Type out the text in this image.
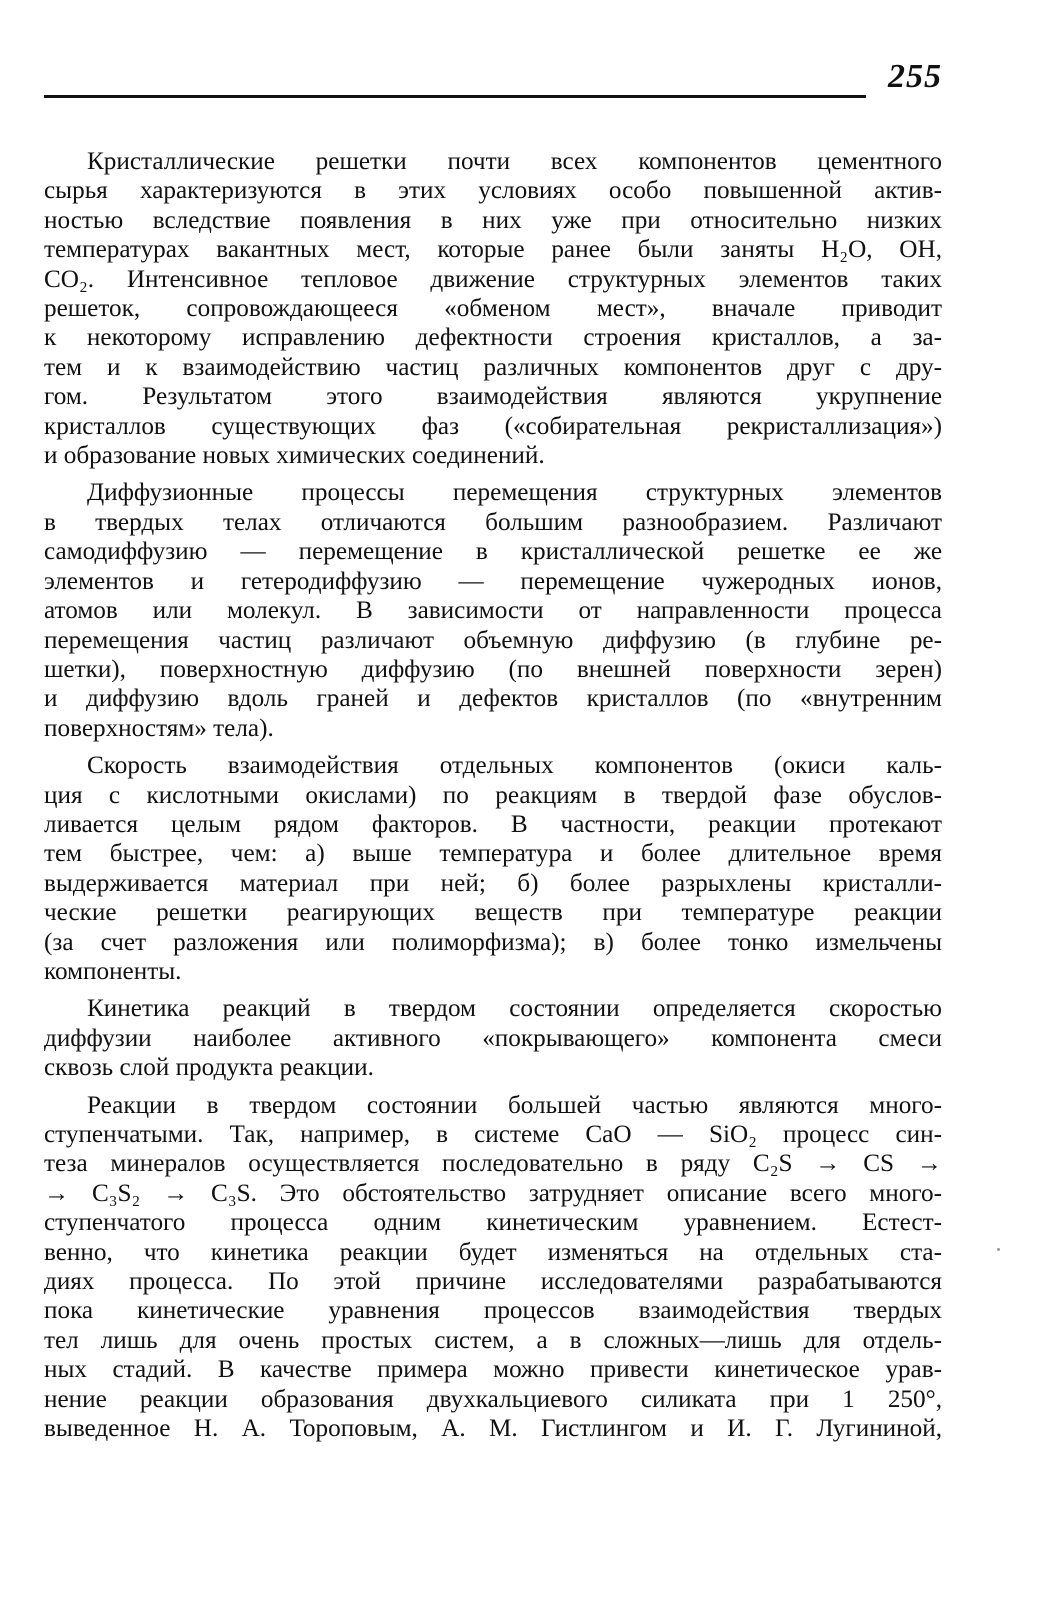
255

Кристаллические решетки почти всех компонентов цементного
сырья характеризуются в этих условиях особо повышенной актив-
ностью вследствие появления в них уже при относительно низких
температурах вакантных мест, которые ранее были заняты H₂O, OH,
CO₂. Интенсивное тепловое движение структурных элементов таких
решеток, сопровождающееся «обменом мест», вначале приводит
к некоторому исправлению дефектности строения кристаллов, а за-
тем и к взаимодействию частиц различных компонентов друг с дру-
гом. Результатом этого взаимодействия являются укрупнение
кристаллов существующих фаз («собирательная рекристаллизация»)
и образование новых химических соединений.

Диффузионные процессы перемещения структурных элементов
в твердых телах отличаются большим разнообразием. Различают
самодиффузию — перемещение в кристаллической решетке ее же
элементов и гетеродиффузию — перемещение чужеродных ионов,
атомов или молекул. В зависимости от направленности процесса
перемещения частиц различают объемную диффузию (в глубине ре-
шетки), поверхностную диффузию (по внешней поверхности зерен)
и диффузию вдоль граней и дефектов кристаллов (по «внутренним
поверхностям» тела).

Скорость взаимодействия отдельных компонентов (окиси каль-
ция с кислотными окислами) по реакциям в твердой фазе обуслов-
ливается целым рядом факторов. В частности, реакции протекают
тем быстрее, чем: а) выше температура и более длительное время
выдерживается материал при ней; б) более разрыхлены кристалли-
ческие решетки реагирующих веществ при температуре реакции
(за счет разложения или полиморфизма); в) более тонко измельчены
компоненты.

Кинетика реакций в твердом состоянии определяется скоростью
диффузии наиболее активного «покрывающего» компонента смеси
сквозь слой продукта реакции.

Реакции в твердом состоянии большей частью являются много-
ступенчатыми. Так, например, в системе CaO — SiO₂ процесс син-
теза минералов осуществляется последовательно в ряду C₂S → CS →
→ C₃S₂ → C₃S. Это обстоятельство затрудняет описание всего много-
ступенчатого процесса одним кинетическим уравнением. Естест-
венно, что кинетика реакции будет изменяться на отдельных ста-
диях процесса. По этой причине исследователями разрабатываются
пока кинетические уравнения процессов взаимодействия твердых
тел лишь для очень простых систем, а в сложных—лишь для отдель-
ных стадий. В качестве примера можно привести кинетическое урав-
нение реакции образования двухкальциевого силиката при 1 250°,
выведенное Н. А. Тороповым, А. М. Гистлингом и И. Г. Лугининой,
